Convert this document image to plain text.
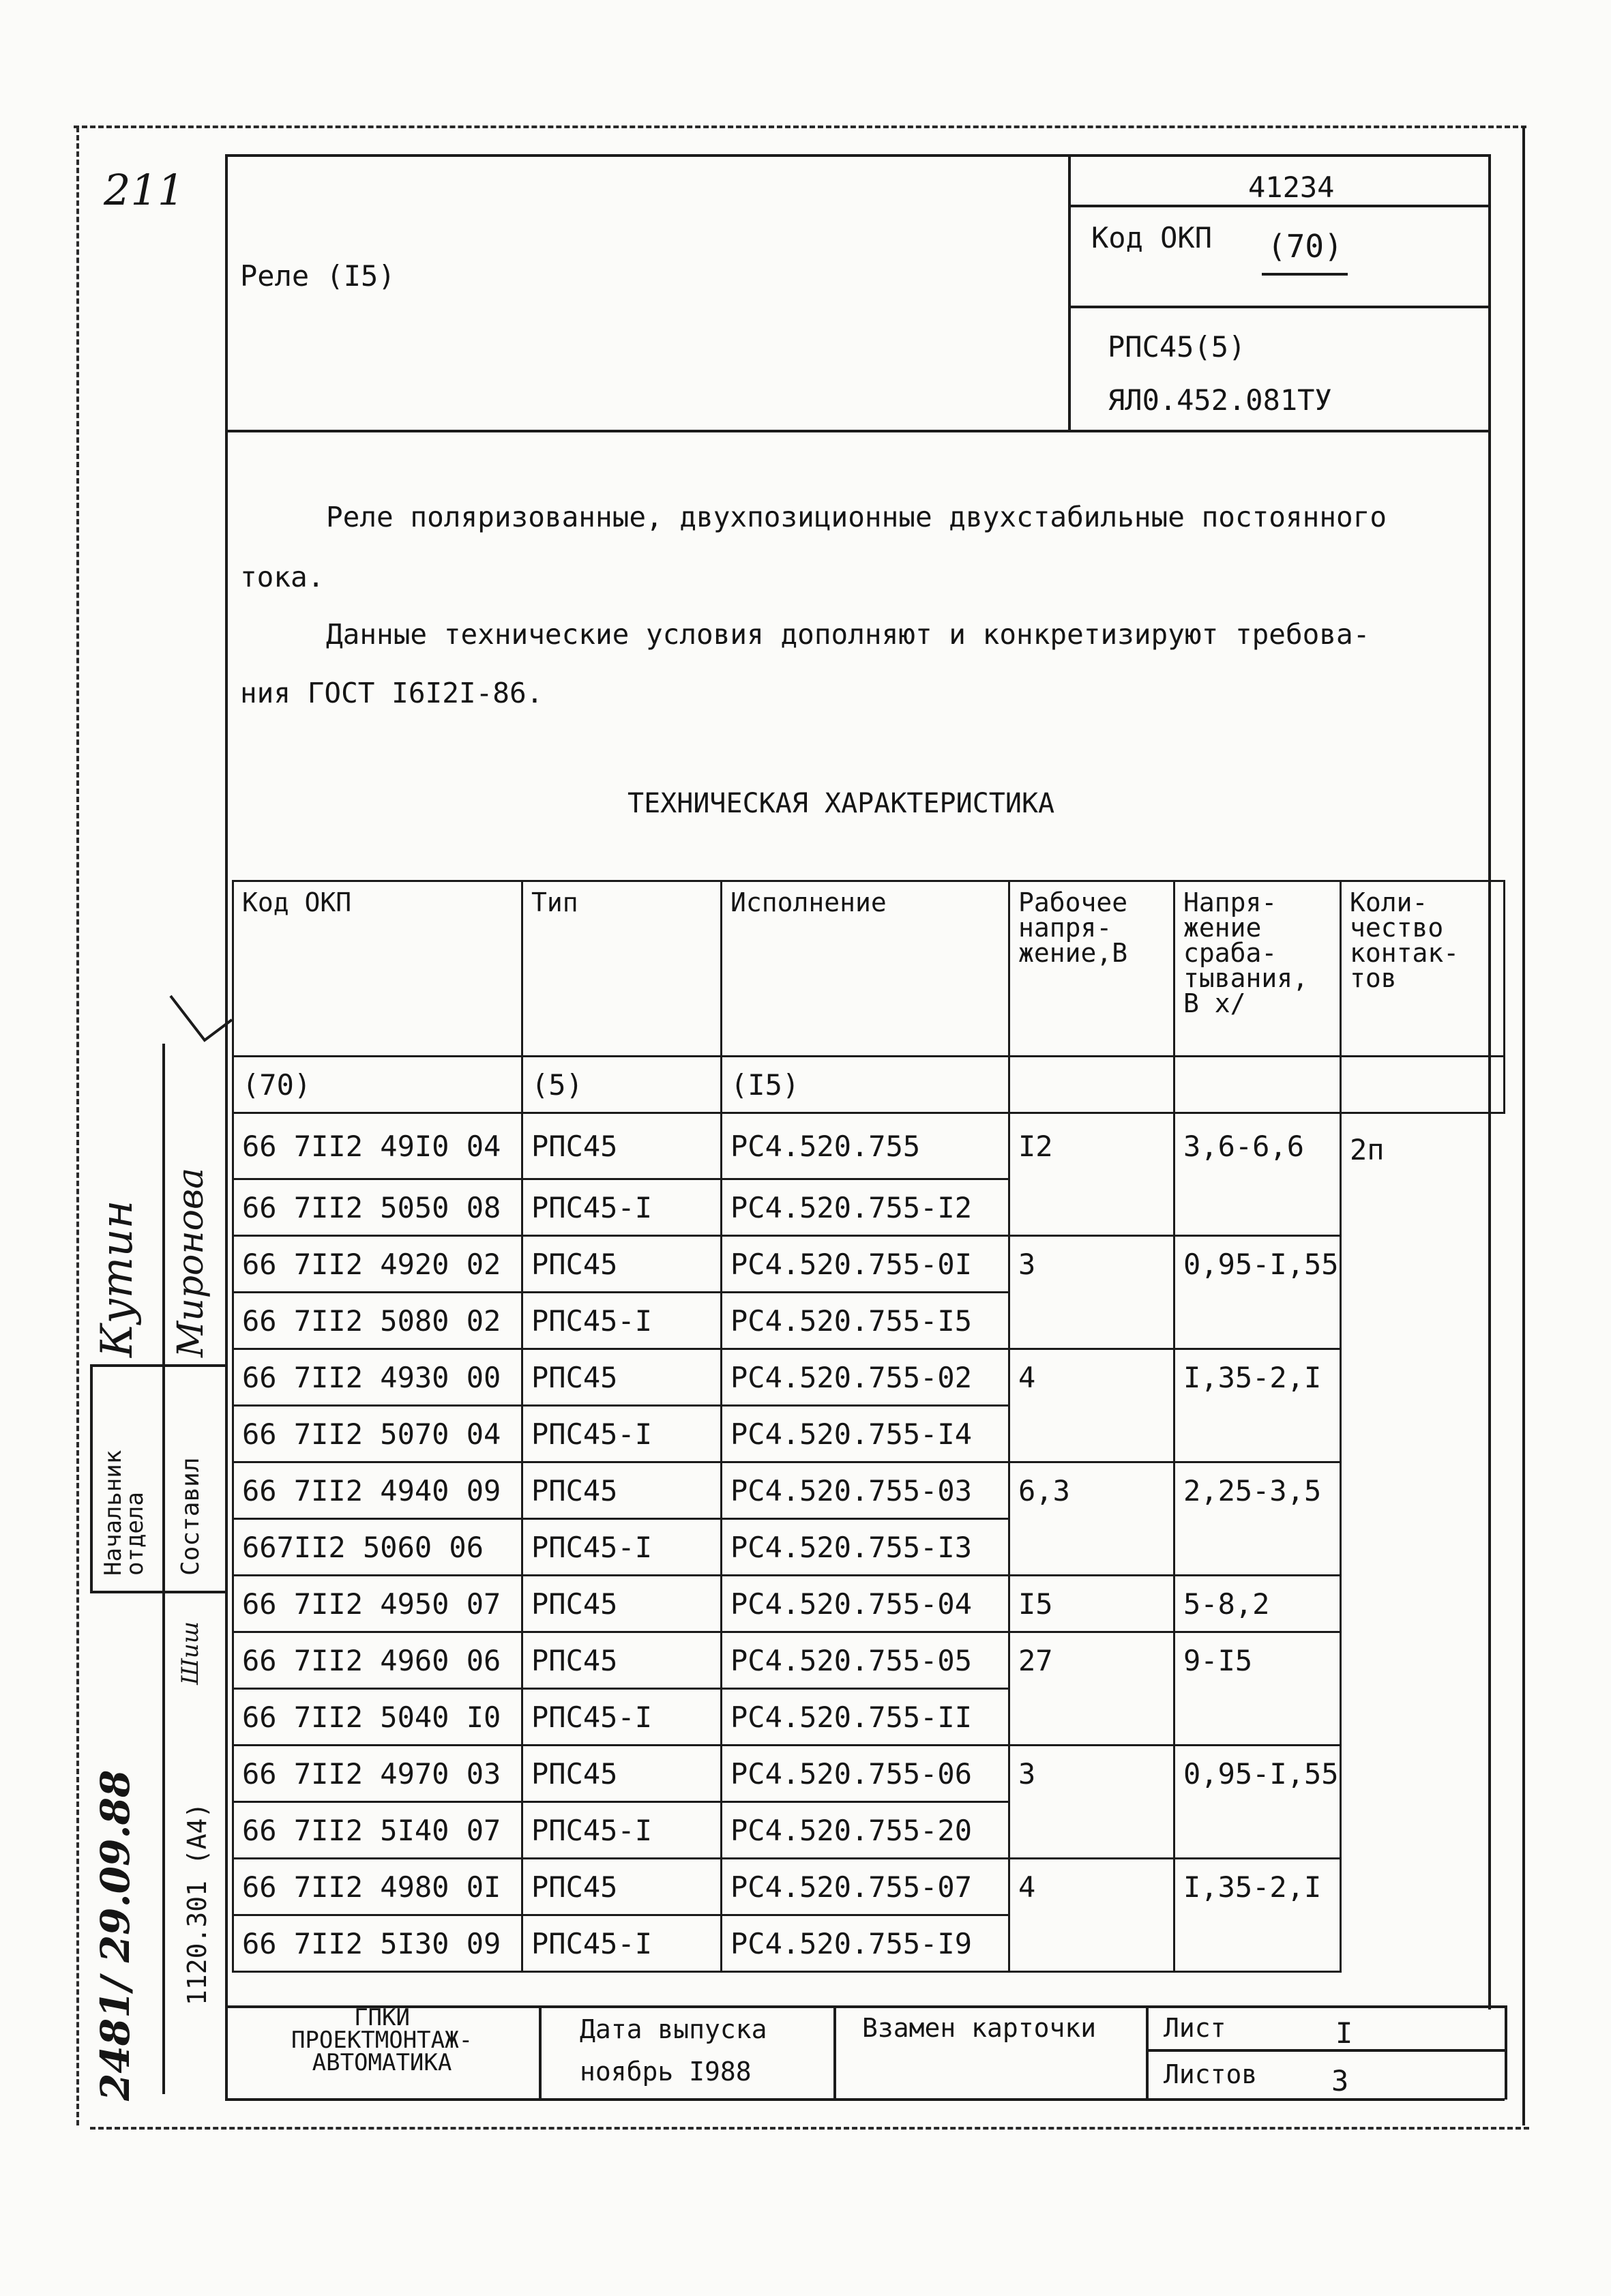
211
Реле (I5)
41234
Код ОКП (70)
РПС45(5)
ЯЛ0.452.081ТУ
Реле поляризованные, двухпозиционные двухстабильные постоянного
тока.
Данные технические условия дополняют и конкретизируют требова-
ния ГОСТ I6I2I-86.
ТЕХНИЧЕСКАЯ ХАРАКТЕРИСТИКА
Код ОКП	Тип	Исполнение	Рабочее
напря-
жение,В	Напря-
жение
сраба-
тывания,
В х/	Коли-
чество
контак-
тов

(70)	(5)	(I5)			
66 7II2 49I0 04	РПС45	РС4.520.755	I2	3,6-6,6	2п
66 7II2 5050 08	РПС45-I	РС4.520.755-I2			
66 7II2 4920 02	РПС45	РС4.520.755-0I	3	0,95-I,55	
66 7II2 5080 02	РПС45-I	РС4.520.755-I5			
66 7II2 4930 00	РПС45	РС4.520.755-02	4	I,35-2,I	
66 7II2 5070 04	РПС45-I	РС4.520.755-I4			
66 7II2 4940 09	РПС45	РС4.520.755-03	6,3	2,25-3,5	
667II2 5060 06	РПС45-I	РС4.520.755-I3			
66 7II2 4950 07	РПС45	РС4.520.755-04	I5	5-8,2	
66 7II2 4960 06	РПС45	РС4.520.755-05	27	9-I5	
66 7II2 5040 I0	РПС45-I	РС4.520.755-II			
66 7II2 4970 03	РПС45	РС4.520.755-06	3	0,95-I,55	
66 7II2 5I40 07	РПС45-I	РС4.520.755-20			
66 7II2 4980 0I	РПС45	РС4.520.755-07	4	I,35-2,I	
66 7II2 5I30 09	РПС45-I	РС4.520.755-I9			
ГПКИ
ПРОЕКТМОНТАЖ-
АВТОМАТИКА
Дата выпуска
ноябрь I988
Взамен карточки	Лист	I
Листов	3
Начальник
отдела Составил
Кутин Миронова
1120.301 (А4)
2481/ 29.09.88
Шиш
